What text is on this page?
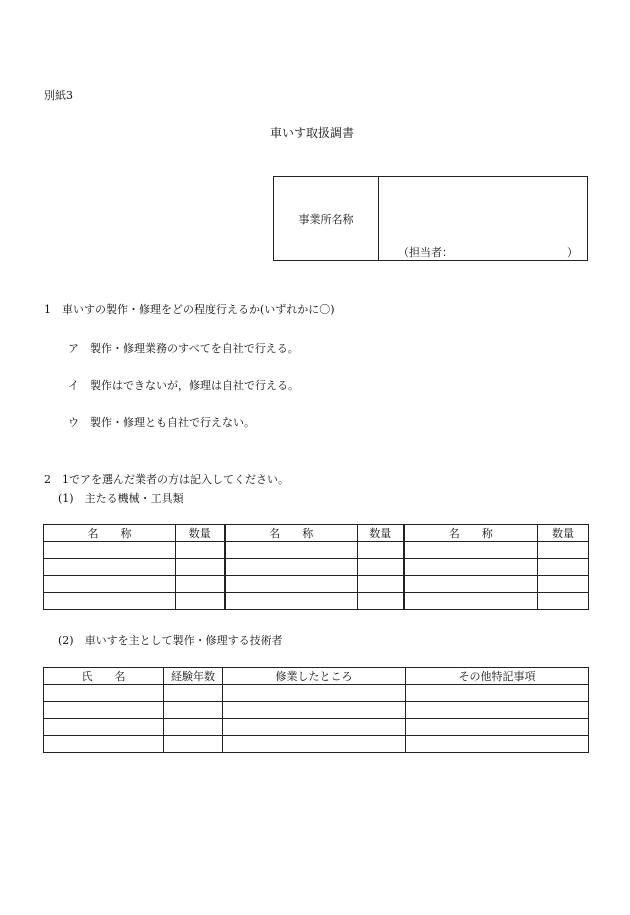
別紙3
車いす取扱調書
事業所名称
（担当者：	）
1　車いすの製作・修理をどの程度行えるか(いずれかに〇)
ア　製作・修理業務のすべてを自社で行える。
イ　製作はできないが，修理は自社で行える。
ウ　製作・修理とも自社で行えない。
2　1でアを選んだ業者の方は記入してください。
(1)　主たる機械・工具類
名　　称	数量	名　　称	数量	名　　称	数量

(2)　車いすを主として製作・修理する技術者
氏　　名	経験年数	修業したところ	その他特記事項
